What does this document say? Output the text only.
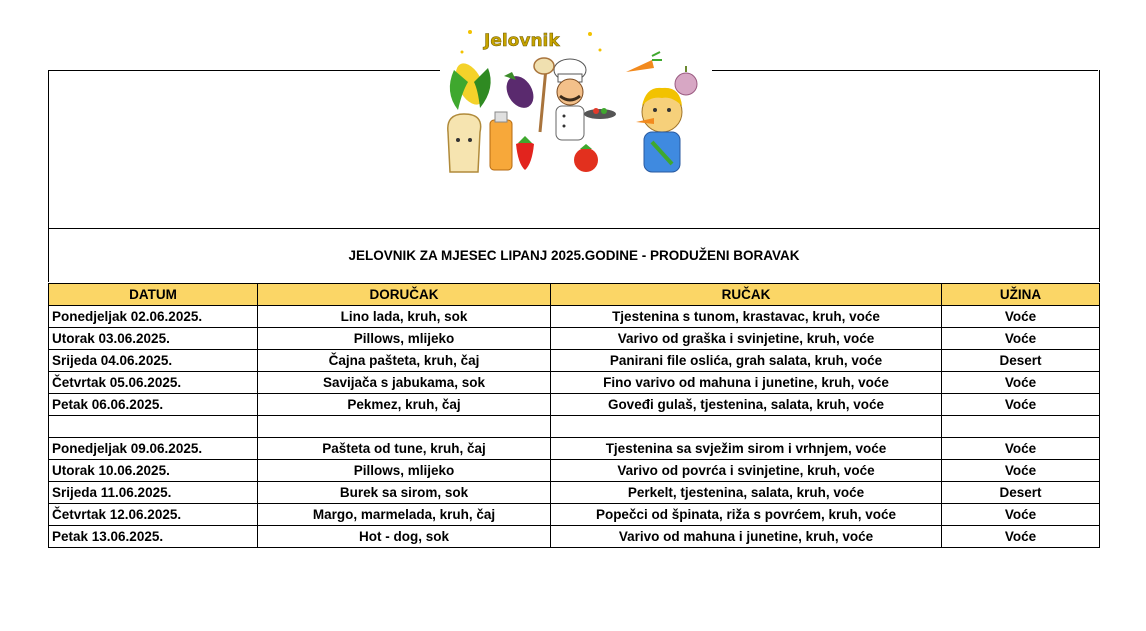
Jelovnik
JELOVNIK ZA MJESEC LIPANJ 2025.GODINE - PRODUŽENI BORAVAK
DATUM	DORUČAK	RUČAK	UŽINA
Ponedjeljak 02.06.2025.	Lino lada, kruh, sok	Tjestenina s tunom, krastavac, kruh, voće	Voće
Utorak 03.06.2025.	Pillows, mlijeko	Varivo od graška i svinjetine, kruh, voće	Voće
Srijeda 04.06.2025.	Čajna pašteta, kruh, čaj	Panirani file oslića, grah salata, kruh, voće	Desert
Četvrtak 05.06.2025.	Savijača s jabukama, sok	Fino varivo od mahuna i junetine, kruh, voće	Voće
Petak 06.06.2025.	Pekmez, kruh, čaj	Goveđi gulaš, tjestenina, salata, kruh, voće	Voće

Ponedjeljak 09.06.2025.	Pašteta od tune, kruh, čaj	Tjestenina sa svježim sirom i vrhnjem, voće	Voće
Utorak 10.06.2025.	Pillows, mlijeko	Varivo od povrća i svinjetine, kruh, voće	Voće
Srijeda 11.06.2025.	Burek sa sirom, sok	Perkelt, tjestenina, salata, kruh, voće	Desert
Četvrtak 12.06.2025.	Margo, marmelada, kruh, čaj	Popečci od špinata, riža s povrćem, kruh, voće	Voće
Petak 13.06.2025.	Hot - dog, sok	Varivo od mahuna i junetine, kruh, voće	Voće
